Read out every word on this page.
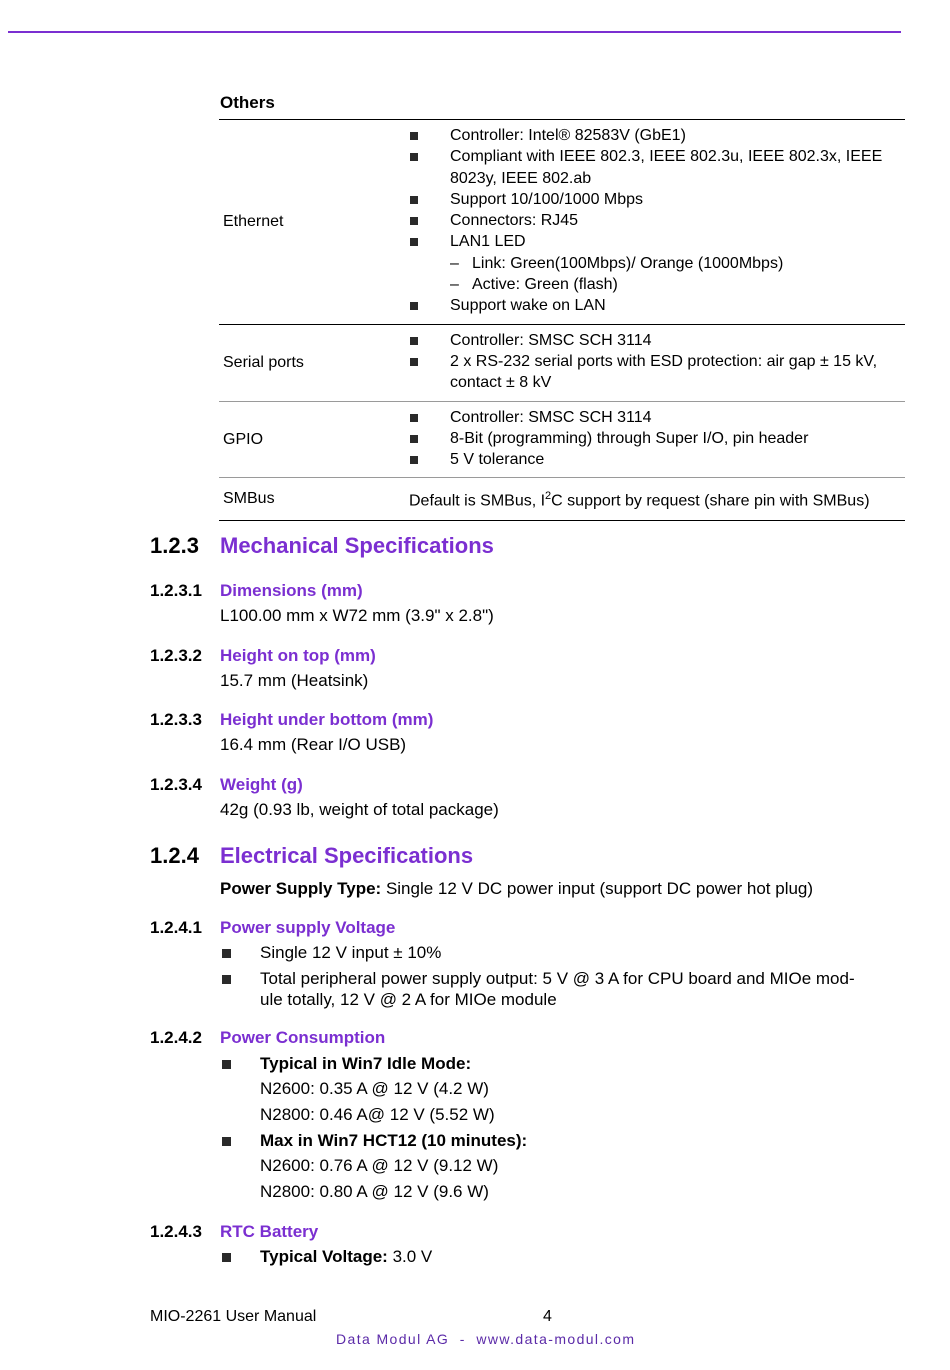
Others
Ethernet
Controller: Intel® 82583V (GbE1)
Compliant with IEEE 802.3, IEEE 802.3u, IEEE 802.3x, IEEE 8023y, IEEE 802.ab
Support 10/100/1000 Mbps
Connectors: RJ45
LAN1 LED
– Link: Green(100Mbps)/ Orange (1000Mbps)
– Active: Green (flash)
Support wake on LAN
Serial ports
Controller: SMSC SCH 3114
2 x RS-232 serial ports with ESD protection: air gap ± 15 kV, contact ± 8 kV
GPIO
Controller: SMSC SCH 3114
8-Bit (programming) through Super I/O, pin header
5 V tolerance
SMBus	Default is SMBus, $I^2C$ support by request (share pin with SMBus)
1.2.3 Mechanical Specifications
1.2.3.1 Dimensions (mm)
L100.00 mm x W72 mm (3.9" x 2.8")
1.2.3.2 Height on top (mm)
15.7 mm (Heatsink)
1.2.3.3 Height under bottom (mm)
16.4 mm (Rear I/O USB)
1.2.3.4 Weight (g)
42g (0.93 lb, weight of total package)
1.2.4 Electrical Specifications
Power Supply Type: Single 12 V DC power input (support DC power hot plug)
1.2.4.1 Power supply Voltage
Single 12 V input ± 10%
Total peripheral power supply output: 5 V @ 3 A for CPU board and MIOe mod-
ule totally, 12 V @ 2 A for MIOe module
1.2.4.2 Power Consumption
Typical in Win7 Idle Mode:
N2600: 0.35 A @ 12 V (4.2 W)
N2800: 0.46 A@ 12 V (5.52 W)
Max in Win7 HCT12 (10 minutes):
N2600: 0.76 A @ 12 V (9.12 W)
N2800: 0.80 A @ 12 V (9.6 W)
1.2.4.3 RTC Battery
Typical Voltage: 3.0 V
MIO-2261 User Manual	4
Data Modul AG  -  www.data-modul.com
